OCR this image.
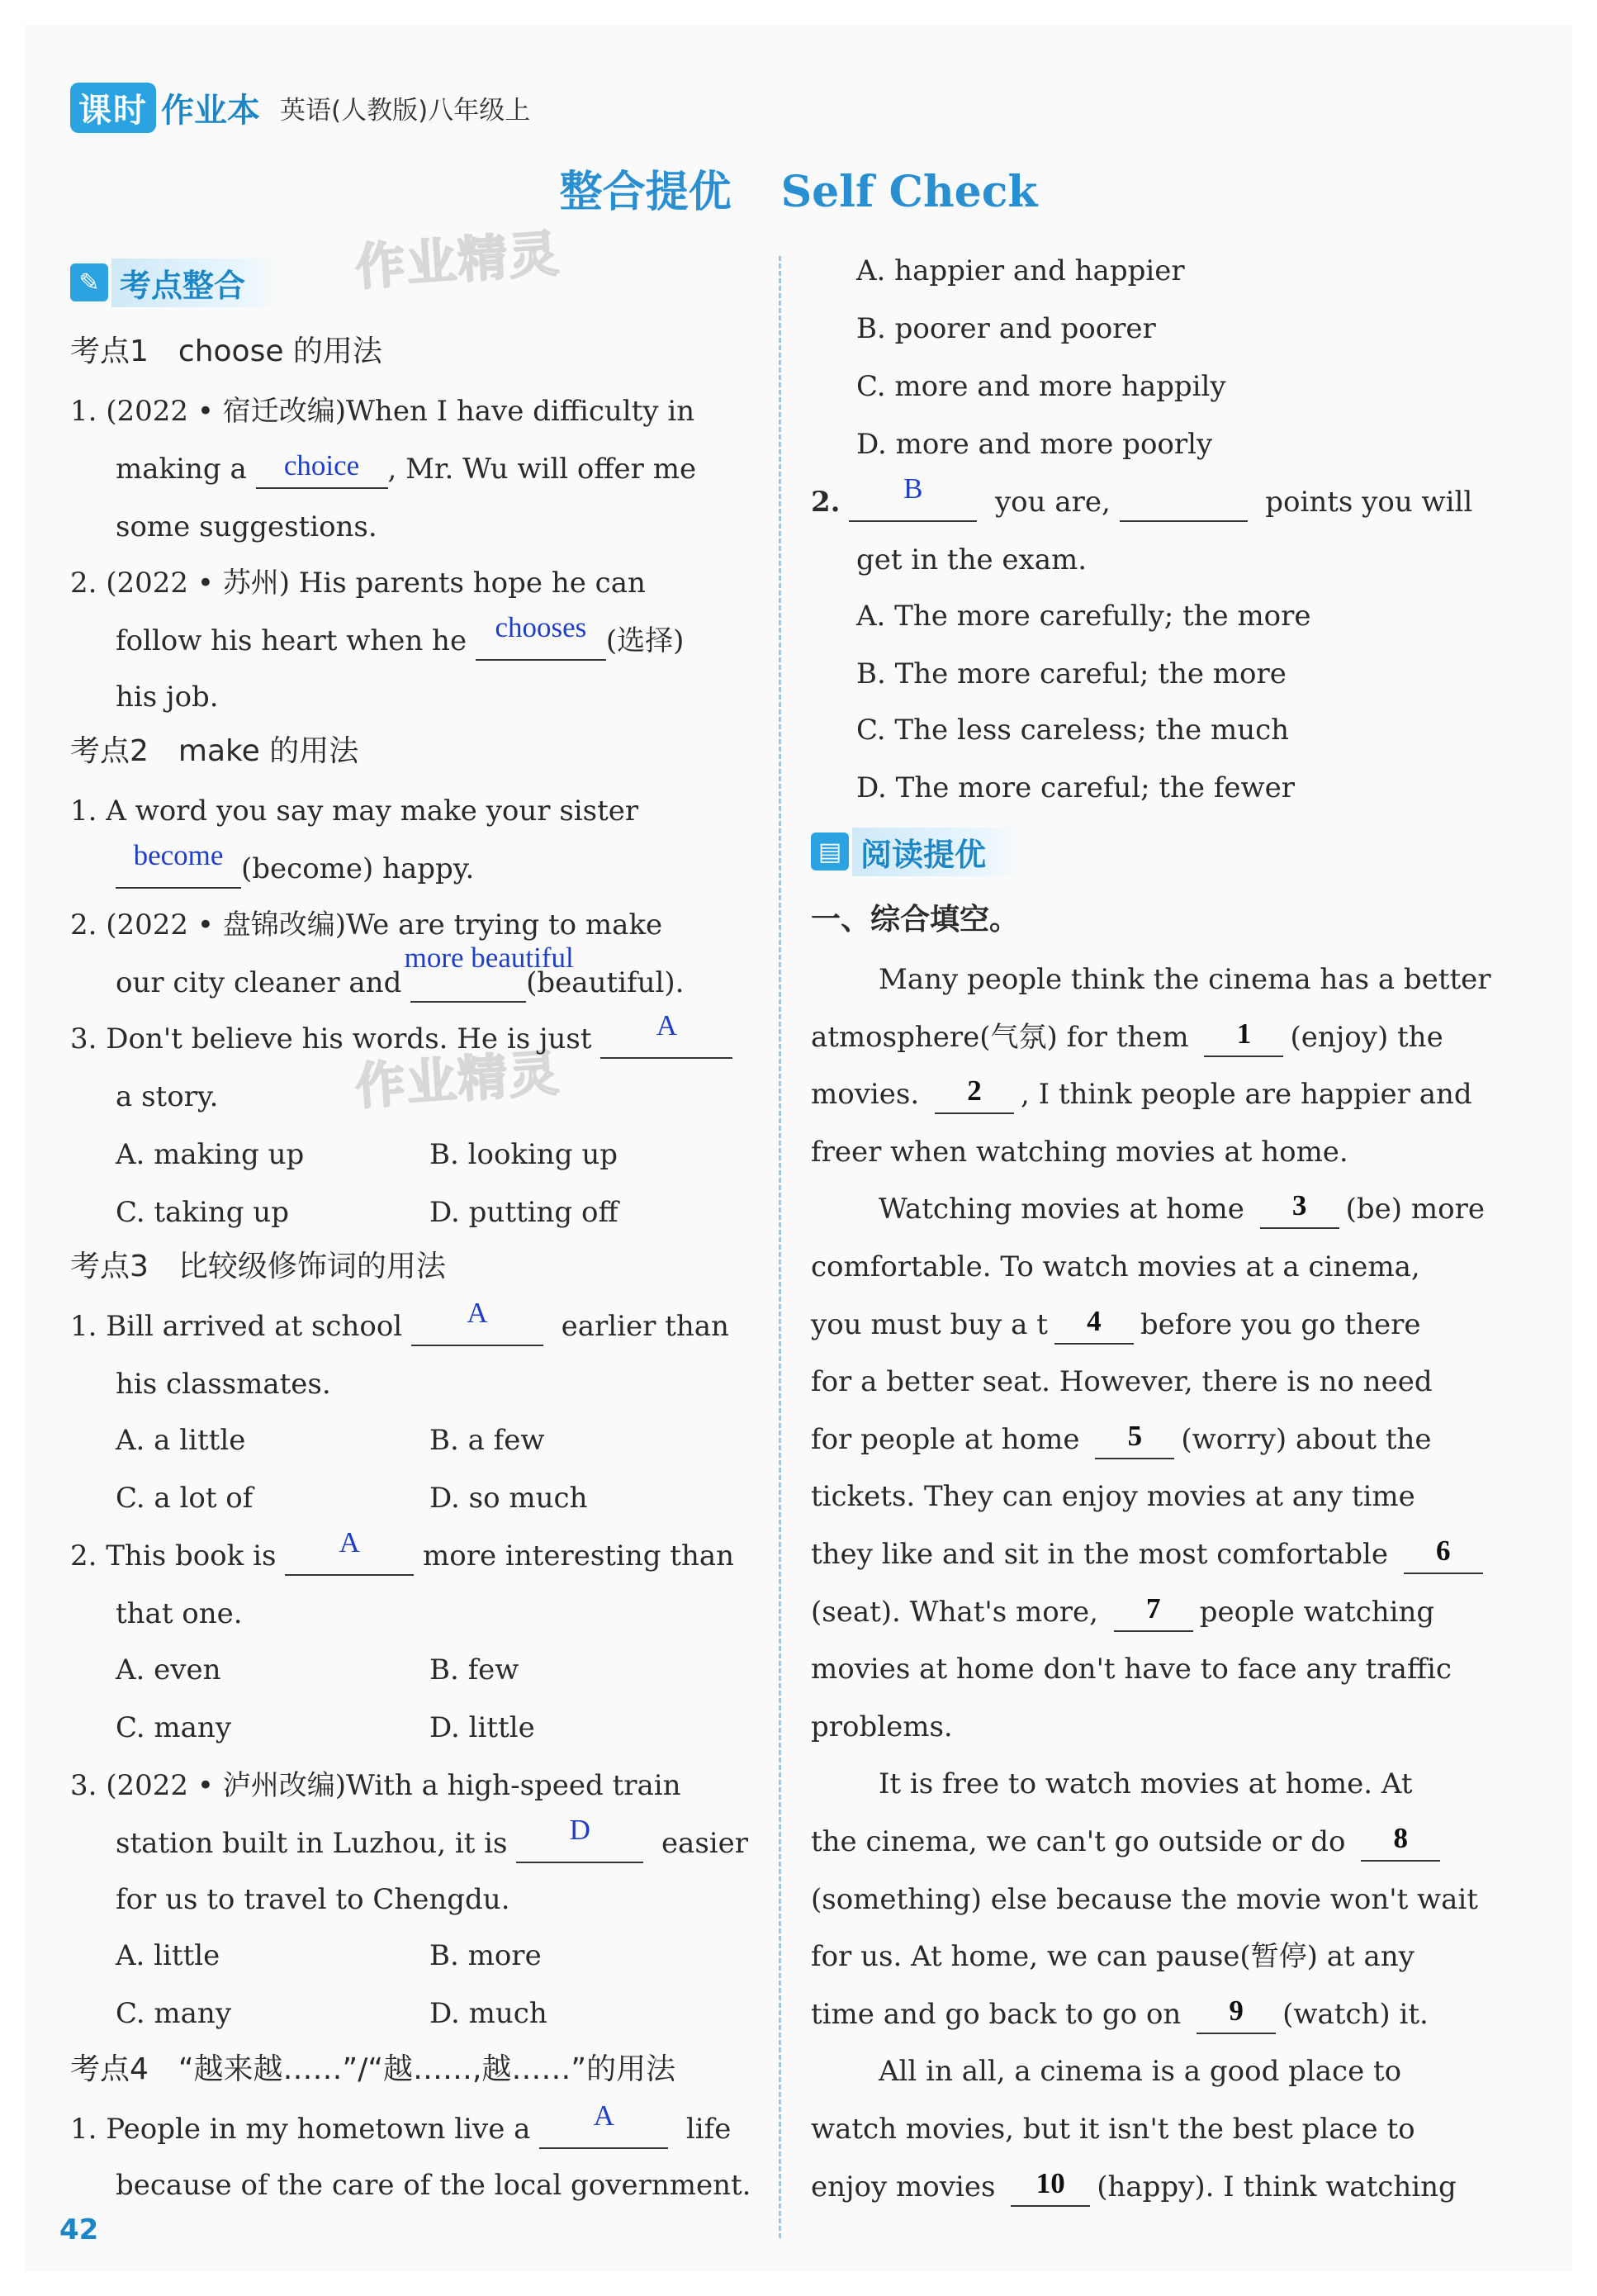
课时 作业本 英语(人教版)八年级上
整合提优 Self Check
作业精灵
作业精灵
✎ 考点整合
考点1　choose 的用法
1. (2022 • 宿迁改编)When I have difficulty in
making a choice	, Mr. Wu will offer me
some suggestions.
2. (2022 • 苏州) His parents hope he can
follow his heart when he chooses (选择)
his job.
考点2　make 的用法
1. A word you say may make your sister
become (become) happy.
2. (2022 • 盘锦改编)We are trying to make
our city cleaner and
more beautiful
(beautiful).
3. Don't believe his words. He is just	A

a story.
A. making up	B. looking up
C. taking up	D. putting off
考点3　比较级修饰词的用法
1. Bill arrived at school	A	earlier than
his classmates.
A. a little	B. a few
C. a lot of	D. so much
2. This book is	A	more interesting than
that one.
A. even	B. few
C. many	D. little
3. (2022 • 泸州改编)With a high-speed train
station built in Luzhou, it is	D	easier
for us to travel to Chengdu.
A. little	B. more
C. many	D. much
考点4　“越来越……”/“越……,越……”的用法
1. People in my hometown live a	A	life
because of the care of the local government.
A. happier and happier
B. poorer and poorer
C. more and more happily
D. more and more poorly
2.	B	you are,	points you will
get in the exam.
A. The more carefully; the more
B. The more careful; the more
C. The less careless; the much
D. The more careful; the fewer
▤ 阅读提优
一、综合填空。
Many people think the cinema has a better
atmosphere(气氛) for them	1	(enjoy) the
movies.	2	, I think people are happier and
freer when watching movies at home.
Watching movies at home	3	(be) more
comfortable. To watch movies at a cinema,
you must buy a t	4	before you go there
for a better seat. However, there is no need
for people at home	5	(worry) about the
tickets. They can enjoy movies at any time
they like and sit in the most comfortable	6

(seat). What's more,	7	people watching
movies at home don't have to face any traffic
problems.
It is free to watch movies at home. At
the cinema, we can't go outside or do	8

(something) else because the movie won't wait
for us. At home, we can pause(暂停) at any
time and go back to go on	9	(watch) it.
All in all, a cinema is a good place to
watch movies, but it isn't the best place to
enjoy movies	10	(happy). I think watching
42
